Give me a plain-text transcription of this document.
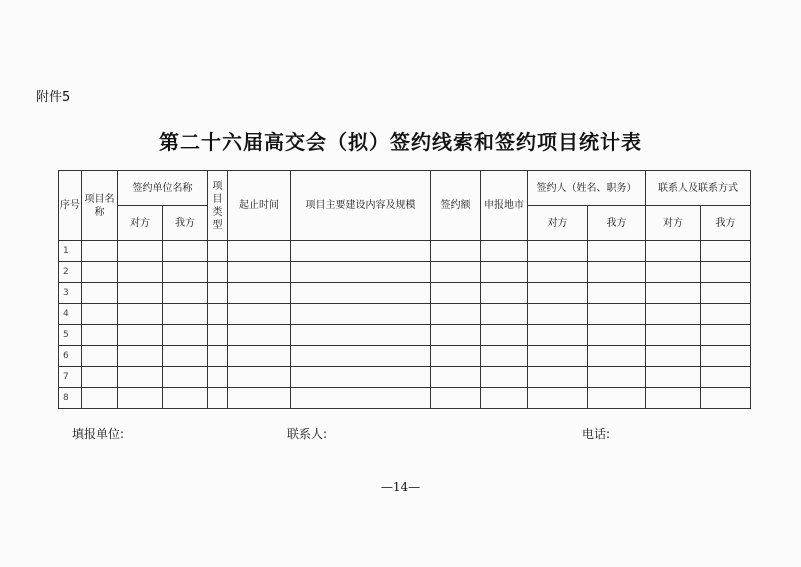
附件5
第二十六届高交会（拟）签约线索和签约项目统计表
序号	项目名称	签约单位名称		项目类型	起止时间	项目主要建设内容及规模	签约额	申报地市	签约人（姓名、职务）		联系人及联系方式	
		对方	我方						对方	我方	对方	我方
1												
2												
3												
4												
5												
6												
7												
8												
填报单位:	联系人:	电话:
—14—
